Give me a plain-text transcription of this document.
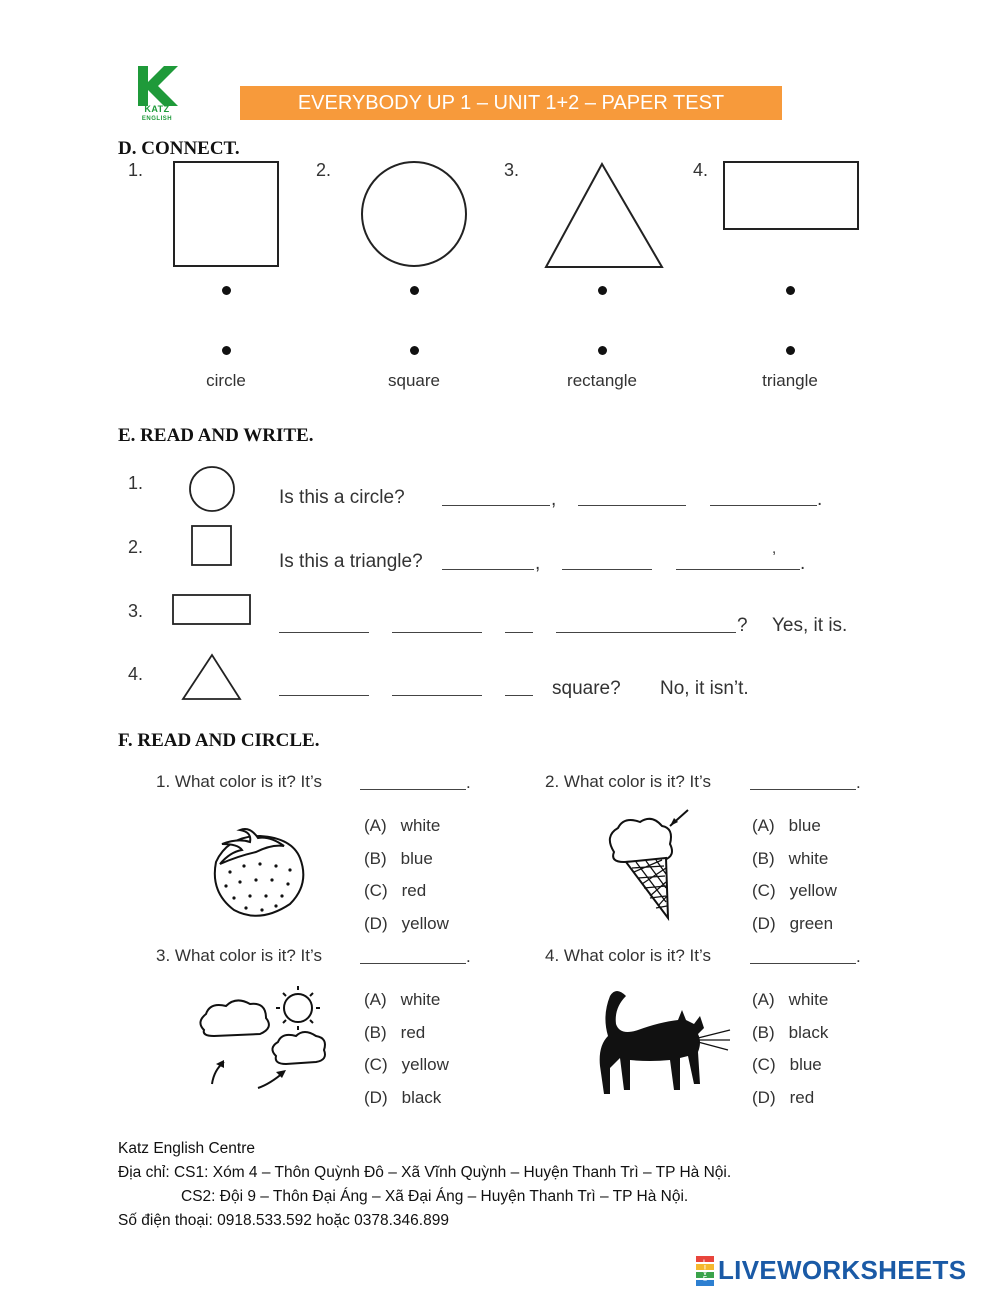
KATZ
ENGLISH
EVERYBODY UP 1 – UNIT 1+2 – PAPER TEST
D. CONNECT.
1.	2.	3.	4.
circle	square	rectangle	triangle
E. READ AND WRITE.
1.
Is this a circle?	,	.
2.
Is this a triangle?	,
,
.
3.
? Yes, it is.
4.
square? No, it isn’t.
F. READ AND CIRCLE.
1. What color is it? It’s	.
(A) white
(B) blue
(C) red
(D) yellow
2. What color is it? It’s	.
(A) blue
(B) white
(C) yellow
(D) green
3. What color is it? It’s	.
(A) white
(B) red
(C) yellow
(D) black
4. What color is it? It’s	.
(A) white
(B) black
(C) blue
(D) red
Katz English Centre
Địa chỉ: CS1: Xóm 4 – Thôn Quỳnh Đô – Xã Vĩnh Quỳnh – Huyện Thanh Trì – TP Hà Nội.
CS2: Đội 9 – Thôn Đại Áng – Xã Đại Áng – Huyện Thanh Trì – TP Hà Nội.
Số điện thoại: 0918.533.592 hoặc 0378.346.899
LIVE LIVEWORKSHEETS
